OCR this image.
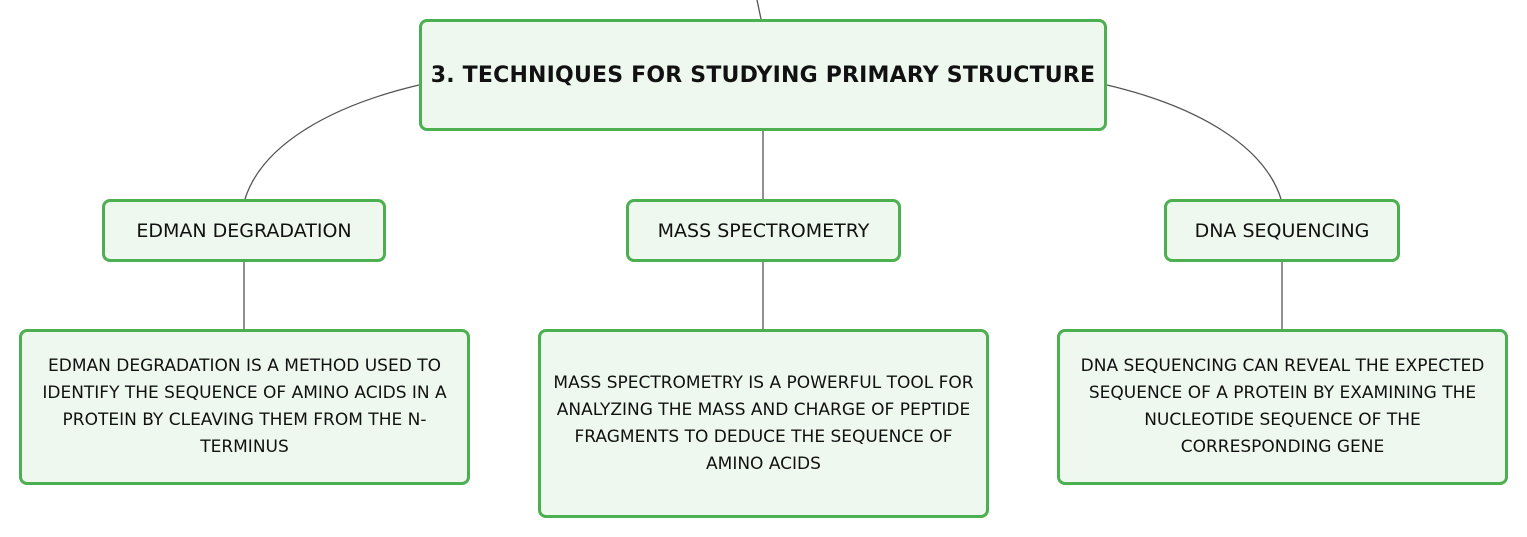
3. TECHNIQUES FOR STUDYING PRIMARY STRUCTURE
EDMAN DEGRADATION	MASS SPECTROMETRY	DNA SEQUENCING
EDMAN DEGRADATION IS A METHOD USED TO IDENTIFY THE SEQUENCE OF AMINO ACIDS IN A PROTEIN BY CLEAVING THEM FROM THE N-TERMINUS
MASS SPECTROMETRY IS A POWERFUL TOOL FOR ANALYZING THE MASS AND CHARGE OF PEPTIDE FRAGMENTS TO DEDUCE THE SEQUENCE OF AMINO ACIDS
DNA SEQUENCING CAN REVEAL THE EXPECTED SEQUENCE OF A PROTEIN BY EXAMINING THE NUCLEOTIDE SEQUENCE OF THE CORRESPONDING GENE
